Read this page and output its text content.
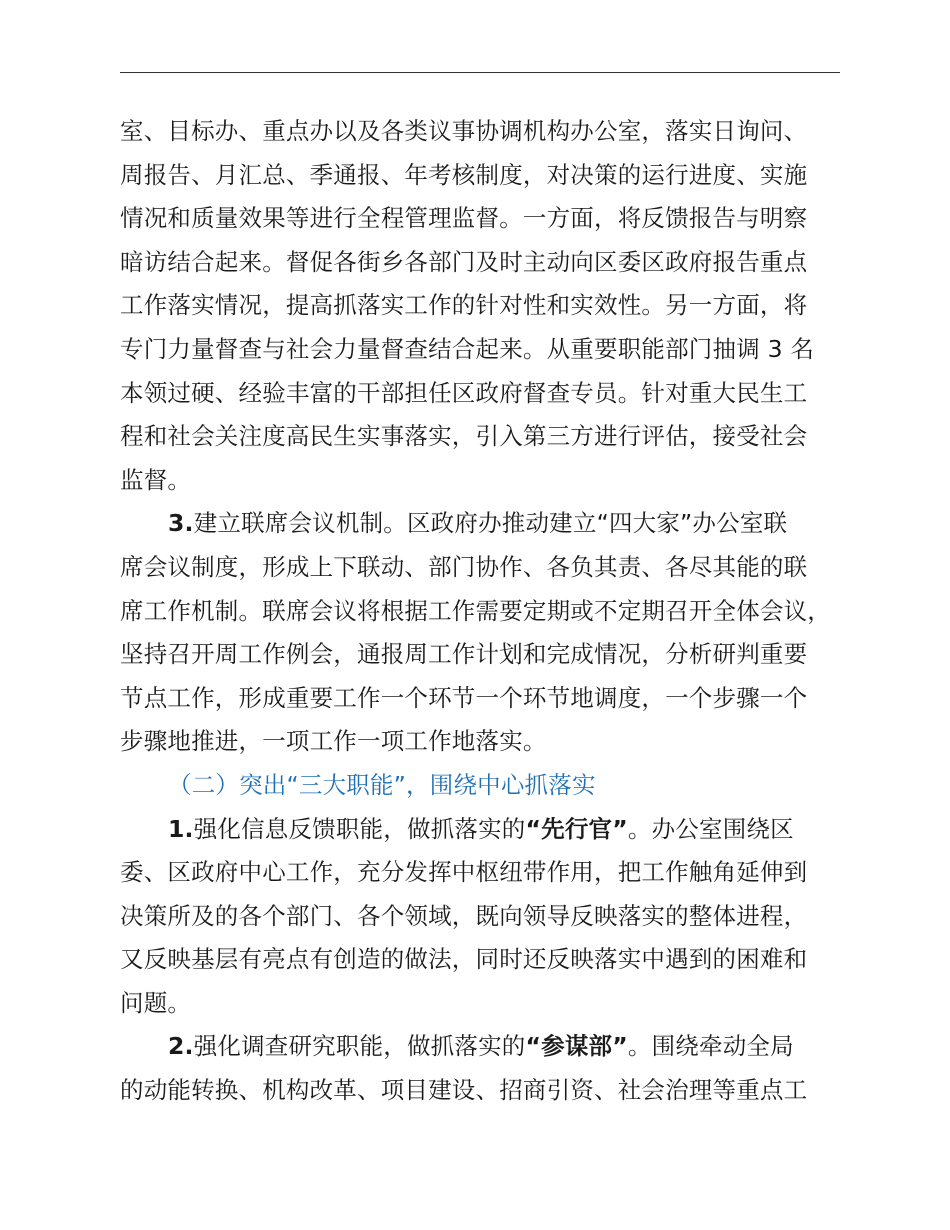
室、目标办、重点办以及各类议事协调机构办公室，落实日询问、
周报告、月汇总、季通报、年考核制度，对决策的运行进度、实施
情况和质量效果等进行全程管理监督。一方面，将反馈报告与明察
暗访结合起来。督促各街乡各部门及时主动向区委区政府报告重点
工作落实情况，提高抓落实工作的针对性和实效性。另一方面，将
专门力量督查与社会力量督查结合起来。从重要职能部门抽调 3 名
本领过硬、经验丰富的干部担任区政府督查专员。针对重大民生工
程和社会关注度高民生实事落实，引入第三方进行评估，接受社会
监督。
3.建立联席会议机制。区政府办推动建立“四大家”办公室联
席会议制度，形成上下联动、部门协作、各负其责、各尽其能的联
席工作机制。联席会议将根据工作需要定期或不定期召开全体会议，
坚持召开周工作例会，通报周工作计划和完成情况，分析研判重要
节点工作，形成重要工作一个环节一个环节地调度，一个步骤一个
步骤地推进，一项工作一项工作地落实。
（二）突出“三大职能”，围绕中心抓落实
1.强化信息反馈职能，做抓落实的“先行官”。办公室围绕区
委、区政府中心工作，充分发挥中枢纽带作用，把工作触角延伸到
决策所及的各个部门、各个领域，既向领导反映落实的整体进程，
又反映基层有亮点有创造的做法，同时还反映落实中遇到的困难和
问题。
2.强化调查研究职能，做抓落实的“参谋部”。围绕牵动全局
的动能转换、机构改革、项目建设、招商引资、社会治理等重点工
